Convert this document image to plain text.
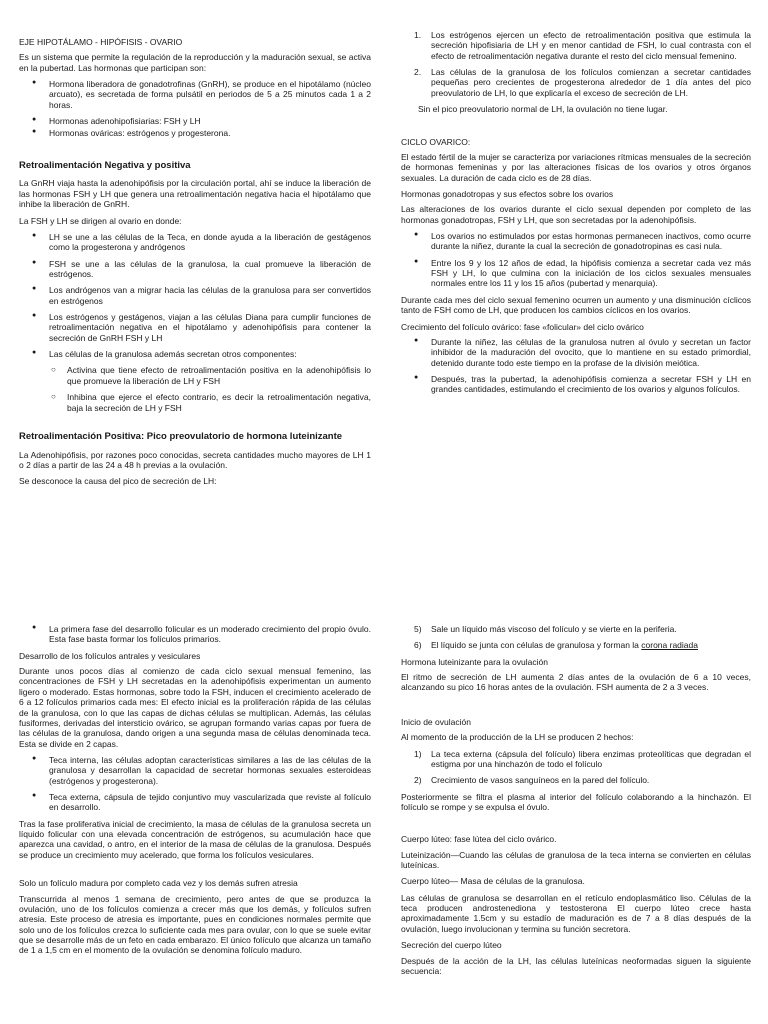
EJE HIPOTÁLAMO - HIPÓFISIS - OVARIO

Es un sistema que permite la regulación de la reproducción y la maduración sexual, se activa en la pubertad. Las hormonas que participan son:

● Hormona liberadora de gonadotrofinas (GnRH), se produce en el hipotálamo (núcleo arcuato), es secretada de forma pulsátil en periodos de 5 a 25 minutos cada 1 a 2 horas.
● Hormonas adenohipofisiarias: FSH y LH
● Hormonas ováricas: estrógenos y progesterona.
Retroalimentación Negativa y positiva

La GnRH viaja hasta la adenohipófisis por la circulación portal, ahí se induce la liberación de las hormonas FSH y LH que genera una retroalimentación negativa hacia el hipotálamo que inhibe la liberación de GnRH.

La FSH y LH se dirigen al ovario en donde:

● LH se une a las células de la Teca, en donde ayuda a la liberación de gestágenos como la progesterona y andrógenos
● FSH se une a las células de la granulosa, la cual promueve la liberación de estrógenos.
● Los andrógenos van a migrar hacia las células de la granulosa para ser convertidos en estrógenos
● Los estrógenos y gestágenos, viajan a las células Diana para cumplir funciones de retroalimentación negativa en el hipotálamo y adenohipófisis para contener la secreción de GnRH FSH y LH
● Las células de la granulosa además secretan otros componentes:
○ Activina que tiene efecto de retroalimentación positiva en la adenohipófisis lo que promueve la liberación de LH y FSH
○ Inhibina que ejerce el efecto contrario, es decir la retroalimentación negativa, baja la secreción de LH y FSH
Retroalimentación Positiva: Pico preovulatorio de hormona luteinizante

La Adenohipófisis, por razones poco conocidas, secreta cantidades mucho mayores de LH 1 o 2 días a partir de las 24 a 48 h previas a la ovulación.

Se desconoce la causa del pico de secreción de LH:

1. Los estrógenos ejercen un efecto de retroalimentación positiva que estimula la secreción hipofisiaria de LH y en menor cantidad de FSH, lo cual contrasta con el efecto de retroalimentación negativa durante el resto del ciclo mensual femenino.
2. Las células de la granulosa de los folículos comienzan a secretar cantidades pequeñas pero crecientes de progesterona alrededor de 1 día antes del pico preovulatorio de LH, lo que explicaría el exceso de secreción de LH.

Sin el pico preovulatorio normal de LH, la ovulación no tiene lugar.

CICLO OVARICO:

El estado fértil de la mujer se caracteriza por variaciones rítmicas mensuales de la secreción de hormonas femeninas y por las alteraciones físicas de los ovarios y otros órganos sexuales. La duración de cada ciclo es de 28 días.

Hormonas gonadotropas y sus efectos sobre los ovarios

Las alteraciones de los ovarios durante el ciclo sexual dependen por completo de las hormonas gonadotropas, FSH y LH, que son secretadas por la adenohipófisis.

● Los ovarios no estimulados por estas hormonas permanecen inactivos, como ocurre durante la niñez, durante la cual la secreción de gonadotropinas es casi nula.
● Entre los 9 y los 12 años de edad, la hipófisis comienza a secretar cada vez más FSH y LH, lo que culmina con la iniciación de los ciclos sexuales mensuales normales entre los 11 y los 15 años (pubertad y menarquia).

Durante cada mes del ciclo sexual femenino ocurren un aumento y una disminución cíclicos tanto de FSH como de LH, que producen los cambios cíclicos en los ovarios.

Crecimiento del folículo ovárico: fase «folicular» del ciclo ovárico
● Durante la niñez, las células de la granulosa nutren al óvulo y secretan un factor inhibidor de la maduración del ovocito, que lo mantiene en su estado primordial, detenido durante todo este tiempo en la profase de la división meiótica.
● Después, tras la pubertad, la adenohipófisis comienza a secretar FSH y LH en grandes cantidades, estimulando el crecimiento de los ovarios y algunos folículos.
● La primera fase del desarrollo folicular es un moderado crecimiento del propio óvulo. Esta fase basta formar los folículos primarios.
Desarrollo de los folículos antrales y vesiculares

Durante unos pocos días al comienzo de cada ciclo sexual mensual femenino, las concentraciones de FSH y LH secretadas en la adenohipófisis experimentan un aumento ligero o moderado. Estas hormonas, sobre todo la FSH, inducen el crecimiento acelerado de 6 a 12 folículos primarios cada mes: El efecto inicial es la proliferación rápida de las células de la granulosa, con lo que las capas de dichas células se multiplican. Además, las células fusiformes, derivadas del intersticio ovárico, se agrupan formando varias capas por fuera de las células de la granulosa, dando origen a una segunda masa de células denominada teca. Esta se divide en 2 capas.

● Teca interna, las células adoptan características similares a las de las células de la granulosa y desarrollan la capacidad de secretar hormonas sexuales esteroideas (estrógenos y progesterona).
● Teca externa, cápsula de tejido conjuntivo muy vascularizada que reviste al folículo en desarrollo.

Tras la fase proliferativa inicial de crecimiento, la masa de células de la granulosa secreta un líquido folicular con una elevada concentración de estrógenos, su acumulación hace que aparezca una cavidad, o antro, en el interior de la masa de células de la granulosa. Después se produce un crecimiento muy acelerado, que forma los folículos vesiculares.

Solo un folículo madura por completo cada vez y los demás sufren atresia

Transcurrida al menos 1 semana de crecimiento, pero antes de que se produzca la ovulación, uno de los folículos comienza a crecer más que los demás, y folículos sufren atresia. Este proceso de atresia es importante, pues en condiciones normales permite que solo uno de los folículos crezca lo suficiente cada mes para ovular, con lo que se suele evitar que se desarrolle más de un feto en cada embarazo. El único folículo que alcanza un tamaño de 1 a 1,5 cm en el momento de la ovulación se denomina folículo maduro.

5) Sale un líquido más viscoso del folículo y se vierte en la periferia.
6) El líquido se junta con células de granulosa y forman la corona radiada
Hormona luteinizante para la ovulación

El ritmo de secreción de LH aumenta 2 días antes de la ovulación de 6 a 10 veces, alcanzando su pico 16 horas antes de la ovulación. FSH aumenta de 2 a 3 veces.

Inicio de ovulación

Al momento de la producción de la LH se producen 2 hechos:

1) La teca externa (cápsula del folículo) libera enzimas proteolíticas que degradan el estigma por una hinchazón de todo el folículo
2) Crecimiento de vasos sanguíneos en la pared del folículo.

Posteriormente se filtra el plasma al interior del folículo colaborando a la hinchazón. El folículo se rompe y se expulsa el óvulo.

Cuerpo lúteo: fase lútea del ciclo ovárico.

Luteinización—Cuando las células de granulosa de la teca interna se convierten en células luteínicas.

Cuerpo lúteo— Masa de células de la granulosa.

Las células de granulosa se desarrollan en el retículo endoplasmático liso. Células de la teca producen androstenediona y testosterona El cuerpo lúteo crece hasta aproximadamente 1.5cm y su estadío de maduración es de 7 a 8 días después de la ovulación, luego involucionan y termina su función secretora.

Secreción del cuerpo lúteo

Después de la acción de la LH, las células luteínicas neoformadas siguen la siguiente secuencia:
